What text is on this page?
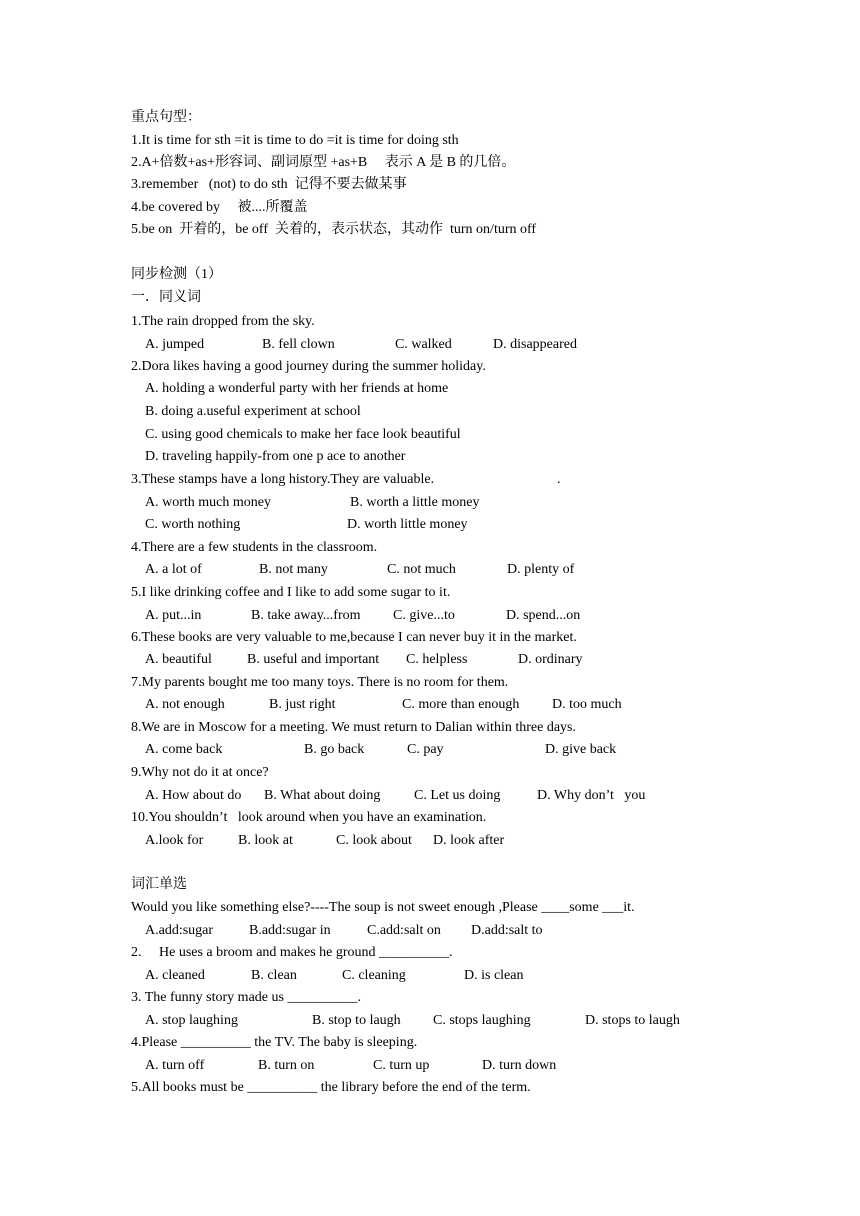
重点句型：
1.It is time for sth =it is time to do =it is time for doing sth
2.A+倍数+as+形容词、副词原型 +as+B     表示 A 是 B 的几倍。
3.remember   (not) to do sth  记得不要去做某事
4.be covered by     被....所覆盖
5.be on  开着的，be off  关着的，表示状态，其动作  turn on/turn off
同步检测（1）
一．同义词
1.The rain dropped from the sky.
A. jumped	B. fell clown	C. walked	D. disappeared
2.Dora likes having a good journey during the summer holiday.
A. holding a wonderful party with her friends at home
B. doing a.useful experiment at school
C. using good chemicals to make her face look beautiful
D. traveling happily-from one p ace to another
3.These stamps have a long history.They are valuable.	.
A. worth much money	B. worth a little money
C. worth nothing	D. worth little money
4.There are a few students in the classroom.
A. a lot of	B. not many	C. not much	D. plenty of
5.I like drinking coffee and I like to add some sugar to it.
A. put...in	B. take away...from C. give...to	D. spend...on
6.These books are very valuable to me,because I can never buy it in the market.
A. beautiful	B. useful and important C. helpless	D. ordinary
7.My parents bought me too many toys. There is no room for them.
A. not enough	B. just right	C. more than enough D. too much
8.We are in Moscow for a meeting. We must return to Dalian within three days.
A. come back	B. go back	C. pay	D. give back
9.Why not do it at once?
A. How about do B. What about doing C. Let us doing	D. Why don’t   you
10.You shouldn’t   look around when you have an examination.
A.look for B. look at	C. look about D. look after
词汇单选
Would you like something else?----The soup is not sweet enough ,Please ____some ___it.
A.add:sugar	B.add:sugar in	C.add:salt on D.add:salt to
2.     He uses a broom and makes he ground __________.
A. cleaned	B. clean	C. cleaning	D. is clean
3. The funny story made us __________.
A. stop laughing	B. stop to laugh C. stops laughing	D. stops to laugh
4.Please __________ the TV. The baby is sleeping.
A. turn off	B. turn on	C. turn up	D. turn down
5.All books must be __________ the library before the end of the term.
